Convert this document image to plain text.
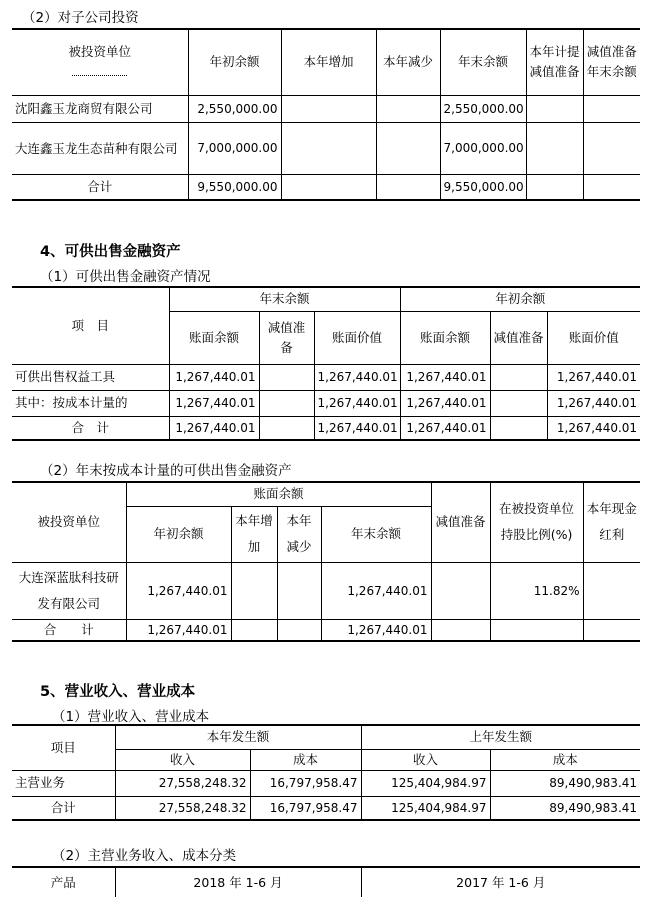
（2）对子公司投资
被投资单位	年初余额	本年增加	本年减少	年末余额	本年计提减值准备	减值准备年末余额
沈阳鑫玉龙商贸有限公司	2,550,000.00			2,550,000.00		
大连鑫玉龙生态苗种有限公司	7,000,000.00			7,000,000.00		
合计	9,550,000.00			9,550,000.00		
4、可供出售金融资产
（1）可供出售金融资产情况
项　目	年末余额			年初余额		
	账面余额	减值准备	账面价值	账面余额	减值准备	账面价值
可供出售权益工具	1,267,440.01		1,267,440.01	1,267,440.01		1,267,440.01
其中：按成本计量的	1,267,440.01		1,267,440.01	1,267,440.01		1,267,440.01
合　计	1,267,440.01		1,267,440.01	1,267,440.01		1,267,440.01
（2）年末按成本计量的可供出售金融资产
被投资单位	账面余额				减值准备	在被投资单位持股比例(%)	本年现金红利
	年初余额	本年增加	本年减少	年末余额			
大连深蓝肽科技研发有限公司	1,267,440.01			1,267,440.01		11.82%	
合　　计	1,267,440.01			1,267,440.01			
5、营业收入、营业成本
（1）营业收入、营业成本
项目	本年发生额		上年发生额	
	收入	成本	收入	成本
主营业务	27,558,248.32	16,797,958.47	125,404,984.97	89,490,983.41
合计	27,558,248.32	16,797,958.47	125,404,984.97	89,490,983.41
（2）主营业务收入、成本分类
产品	2018 年 1-6 月	2017 年 1-6 月
